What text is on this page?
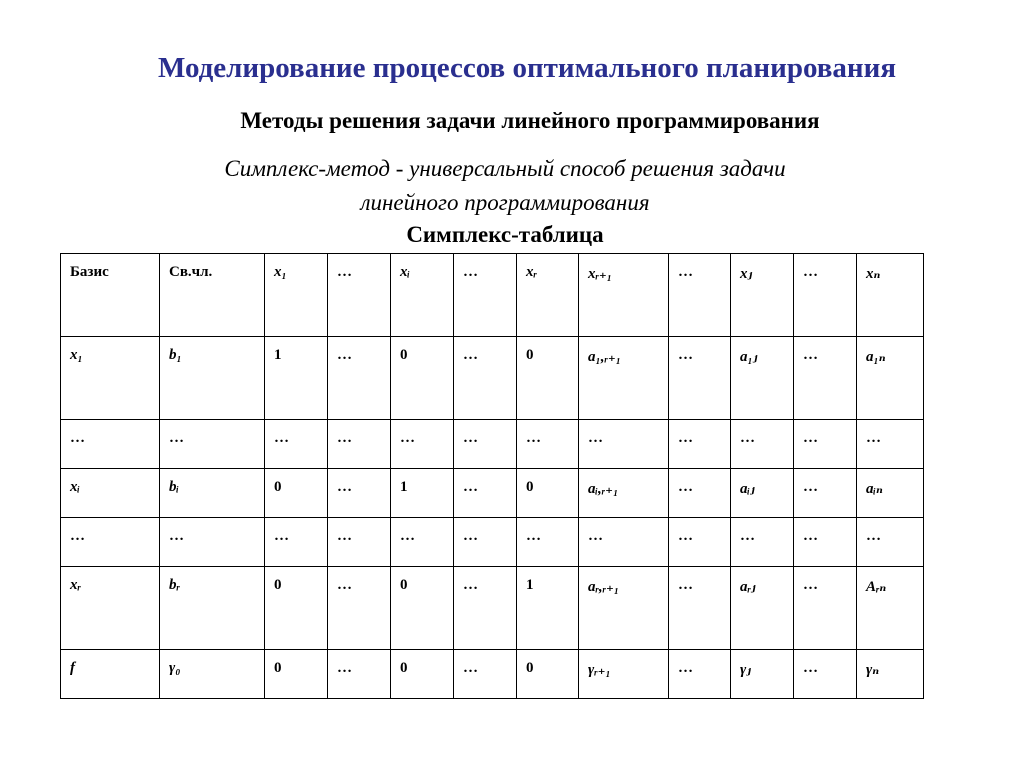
Моделирование процессов оптимального планирования
Методы решения задачи линейного программирования
Симплекс-метод - универсальный способ решения задачи
линейного программирования
Симплекс-таблица
Базис	Св.чл.	x₁	…	xᵢ	…	xᵣ	xᵣ₊₁	…	xⱼ	…	xₙ
x₁	b₁	1	…	0	…	0	a₁,ᵣ₊₁	…	a₁ⱼ	…	a₁ₙ
…	…	…	…	…	…	…	…	…	…	…	…
xᵢ	bᵢ	0	…	1	…	0	aᵢ,ᵣ₊₁	…	aᵢⱼ	…	aᵢₙ
…	…	…	…	…	…	…	…	…	…	…	…
xᵣ	bᵣ	0	…	0	…	1	aᵣ,ᵣ₊₁	…	aᵣⱼ	…	Aᵣₙ
f	γ₀	0	…	0	…	0	γᵣ₊₁	…	γⱼ	…	γₙ
